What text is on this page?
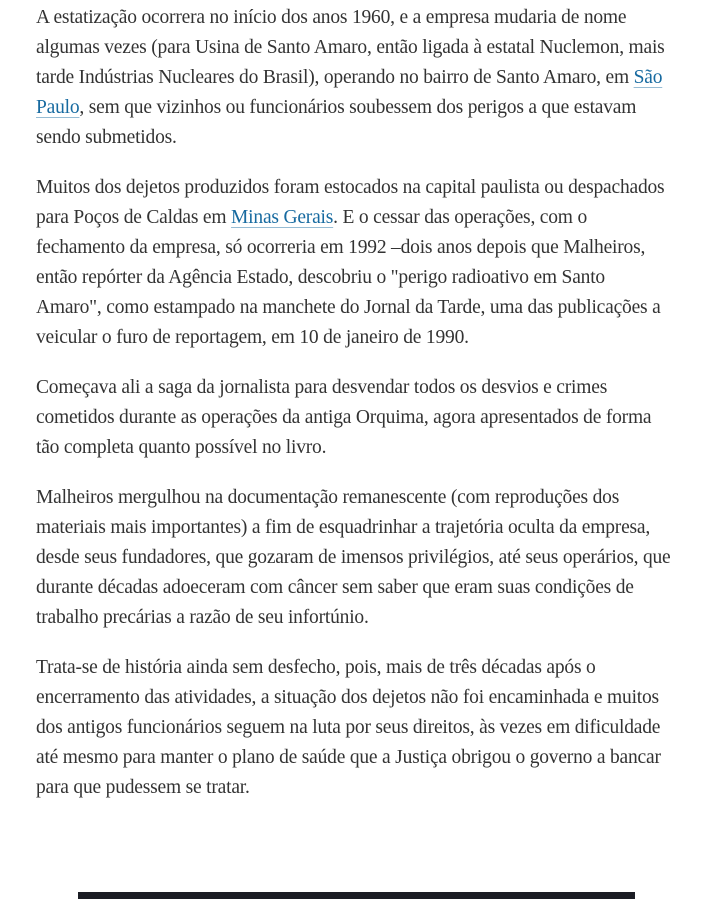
A estatização ocorrera no início dos anos 1960, e a empresa mudaria de nome algumas vezes (para Usina de Santo Amaro, então ligada à estatal Nuclemon, mais tarde Indústrias Nucleares do Brasil), operando no bairro de Santo Amaro, em São Paulo, sem que vizinhos ou funcionários soubessem dos perigos a que estavam sendo submetidos.

Muitos dos dejetos produzidos foram estocados na capital paulista ou despachados para Poços de Caldas em Minas Gerais. E o cessar das operações, com o fechamento da empresa, só ocorreria em 1992 –dois anos depois que Malheiros, então repórter da Agência Estado, descobriu o "perigo radioativo em Santo Amaro", como estampado na manchete do Jornal da Tarde, uma das publicações a veicular o furo de reportagem, em 10 de janeiro de 1990.

Começava ali a saga da jornalista para desvendar todos os desvios e crimes cometidos durante as operações da antiga Orquima, agora apresentados de forma tão completa quanto possível no livro.

Malheiros mergulhou na documentação remanescente (com reproduções dos materiais mais importantes) a fim de esquadrinhar a trajetória oculta da empresa, desde seus fundadores, que gozaram de imensos privilégios, até seus operários, que durante décadas adoeceram com câncer sem saber que eram suas condições de trabalho precárias a razão de seu infortúnio.

Trata-se de história ainda sem desfecho, pois, mais de três décadas após o encerramento das atividades, a situação dos dejetos não foi encaminhada e muitos dos antigos funcionários seguem na luta por seus direitos, às vezes em dificuldade até mesmo para manter o plano de saúde que a Justiça obrigou o governo a bancar para que pudessem se tratar.
